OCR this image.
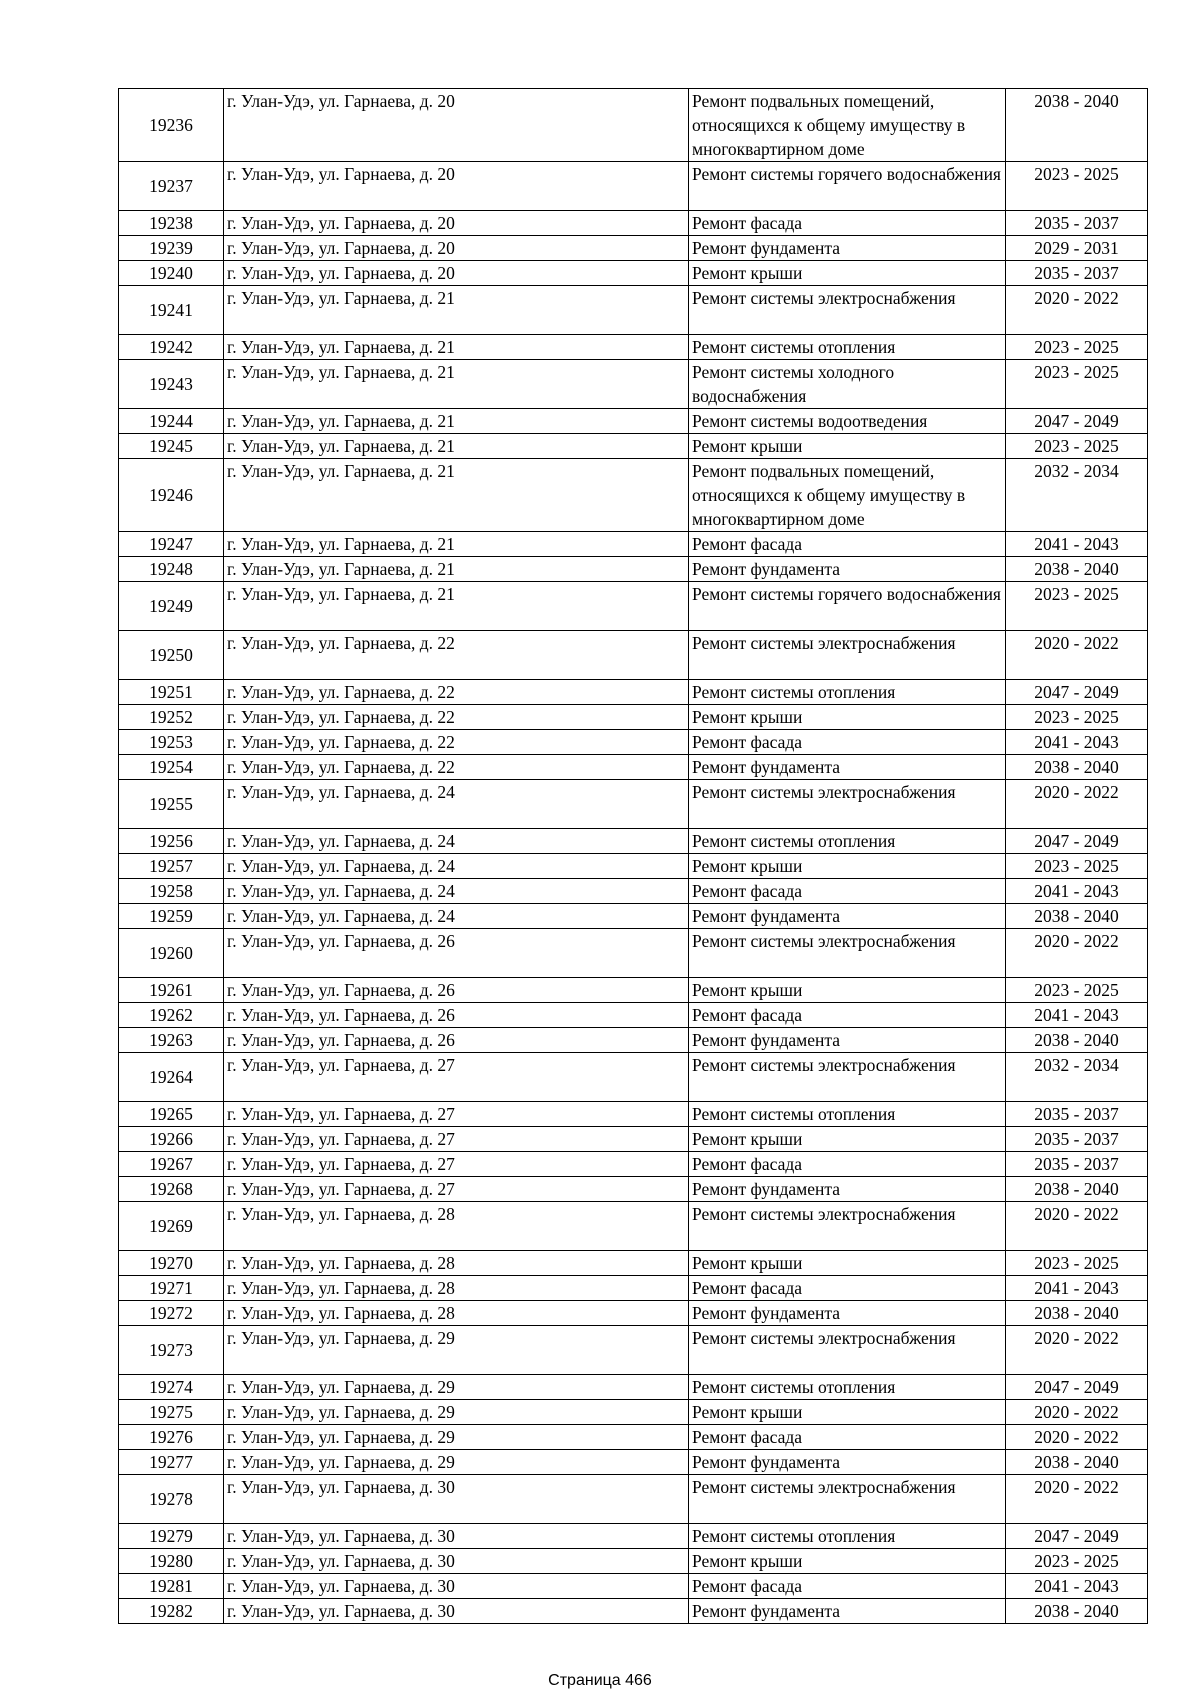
19236	г. Улан-Удэ, ул. Гарнаева, д. 20	Ремонт подвальных помещений, относящихся к общему имуществу в многоквартирном доме	2038 - 2040
19237	г. Улан-Удэ, ул. Гарнаева, д. 20	Ремонт системы горячего водоснабжения	2023 - 2025
19238	г. Улан-Удэ, ул. Гарнаева, д. 20	Ремонт фасада	2035 - 2037
19239	г. Улан-Удэ, ул. Гарнаева, д. 20	Ремонт фундамента	2029 - 2031
19240	г. Улан-Удэ, ул. Гарнаева, д. 20	Ремонт крыши	2035 - 2037
19241	г. Улан-Удэ, ул. Гарнаева, д. 21	Ремонт системы электроснабжения	2020 - 2022
19242	г. Улан-Удэ, ул. Гарнаева, д. 21	Ремонт системы отопления	2023 - 2025
19243	г. Улан-Удэ, ул. Гарнаева, д. 21	Ремонт системы холодного водоснабжения	2023 - 2025
19244	г. Улан-Удэ, ул. Гарнаева, д. 21	Ремонт системы водоотведения	2047 - 2049
19245	г. Улан-Удэ, ул. Гарнаева, д. 21	Ремонт крыши	2023 - 2025
19246	г. Улан-Удэ, ул. Гарнаева, д. 21	Ремонт подвальных помещений, относящихся к общему имуществу в многоквартирном доме	2032 - 2034
19247	г. Улан-Удэ, ул. Гарнаева, д. 21	Ремонт фасада	2041 - 2043
19248	г. Улан-Удэ, ул. Гарнаева, д. 21	Ремонт фундамента	2038 - 2040
19249	г. Улан-Удэ, ул. Гарнаева, д. 21	Ремонт системы горячего водоснабжения	2023 - 2025
19250	г. Улан-Удэ, ул. Гарнаева, д. 22	Ремонт системы электроснабжения	2020 - 2022
19251	г. Улан-Удэ, ул. Гарнаева, д. 22	Ремонт системы отопления	2047 - 2049
19252	г. Улан-Удэ, ул. Гарнаева, д. 22	Ремонт крыши	2023 - 2025
19253	г. Улан-Удэ, ул. Гарнаева, д. 22	Ремонт фасада	2041 - 2043
19254	г. Улан-Удэ, ул. Гарнаева, д. 22	Ремонт фундамента	2038 - 2040
19255	г. Улан-Удэ, ул. Гарнаева, д. 24	Ремонт системы электроснабжения	2020 - 2022
19256	г. Улан-Удэ, ул. Гарнаева, д. 24	Ремонт системы отопления	2047 - 2049
19257	г. Улан-Удэ, ул. Гарнаева, д. 24	Ремонт крыши	2023 - 2025
19258	г. Улан-Удэ, ул. Гарнаева, д. 24	Ремонт фасада	2041 - 2043
19259	г. Улан-Удэ, ул. Гарнаева, д. 24	Ремонт фундамента	2038 - 2040
19260	г. Улан-Удэ, ул. Гарнаева, д. 26	Ремонт системы электроснабжения	2020 - 2022
19261	г. Улан-Удэ, ул. Гарнаева, д. 26	Ремонт крыши	2023 - 2025
19262	г. Улан-Удэ, ул. Гарнаева, д. 26	Ремонт фасада	2041 - 2043
19263	г. Улан-Удэ, ул. Гарнаева, д. 26	Ремонт фундамента	2038 - 2040
19264	г. Улан-Удэ, ул. Гарнаева, д. 27	Ремонт системы электроснабжения	2032 - 2034
19265	г. Улан-Удэ, ул. Гарнаева, д. 27	Ремонт системы отопления	2035 - 2037
19266	г. Улан-Удэ, ул. Гарнаева, д. 27	Ремонт крыши	2035 - 2037
19267	г. Улан-Удэ, ул. Гарнаева, д. 27	Ремонт фасада	2035 - 2037
19268	г. Улан-Удэ, ул. Гарнаева, д. 27	Ремонт фундамента	2038 - 2040
19269	г. Улан-Удэ, ул. Гарнаева, д. 28	Ремонт системы электроснабжения	2020 - 2022
19270	г. Улан-Удэ, ул. Гарнаева, д. 28	Ремонт крыши	2023 - 2025
19271	г. Улан-Удэ, ул. Гарнаева, д. 28	Ремонт фасада	2041 - 2043
19272	г. Улан-Удэ, ул. Гарнаева, д. 28	Ремонт фундамента	2038 - 2040
19273	г. Улан-Удэ, ул. Гарнаева, д. 29	Ремонт системы электроснабжения	2020 - 2022
19274	г. Улан-Удэ, ул. Гарнаева, д. 29	Ремонт системы отопления	2047 - 2049
19275	г. Улан-Удэ, ул. Гарнаева, д. 29	Ремонт крыши	2020 - 2022
19276	г. Улан-Удэ, ул. Гарнаева, д. 29	Ремонт фасада	2020 - 2022
19277	г. Улан-Удэ, ул. Гарнаева, д. 29	Ремонт фундамента	2038 - 2040
19278	г. Улан-Удэ, ул. Гарнаева, д. 30	Ремонт системы электроснабжения	2020 - 2022
19279	г. Улан-Удэ, ул. Гарнаева, д. 30	Ремонт системы отопления	2047 - 2049
19280	г. Улан-Удэ, ул. Гарнаева, д. 30	Ремонт крыши	2023 - 2025
19281	г. Улан-Удэ, ул. Гарнаева, д. 30	Ремонт фасада	2041 - 2043
19282	г. Улан-Удэ, ул. Гарнаева, д. 30	Ремонт фундамента	2038 - 2040
Страница 466
